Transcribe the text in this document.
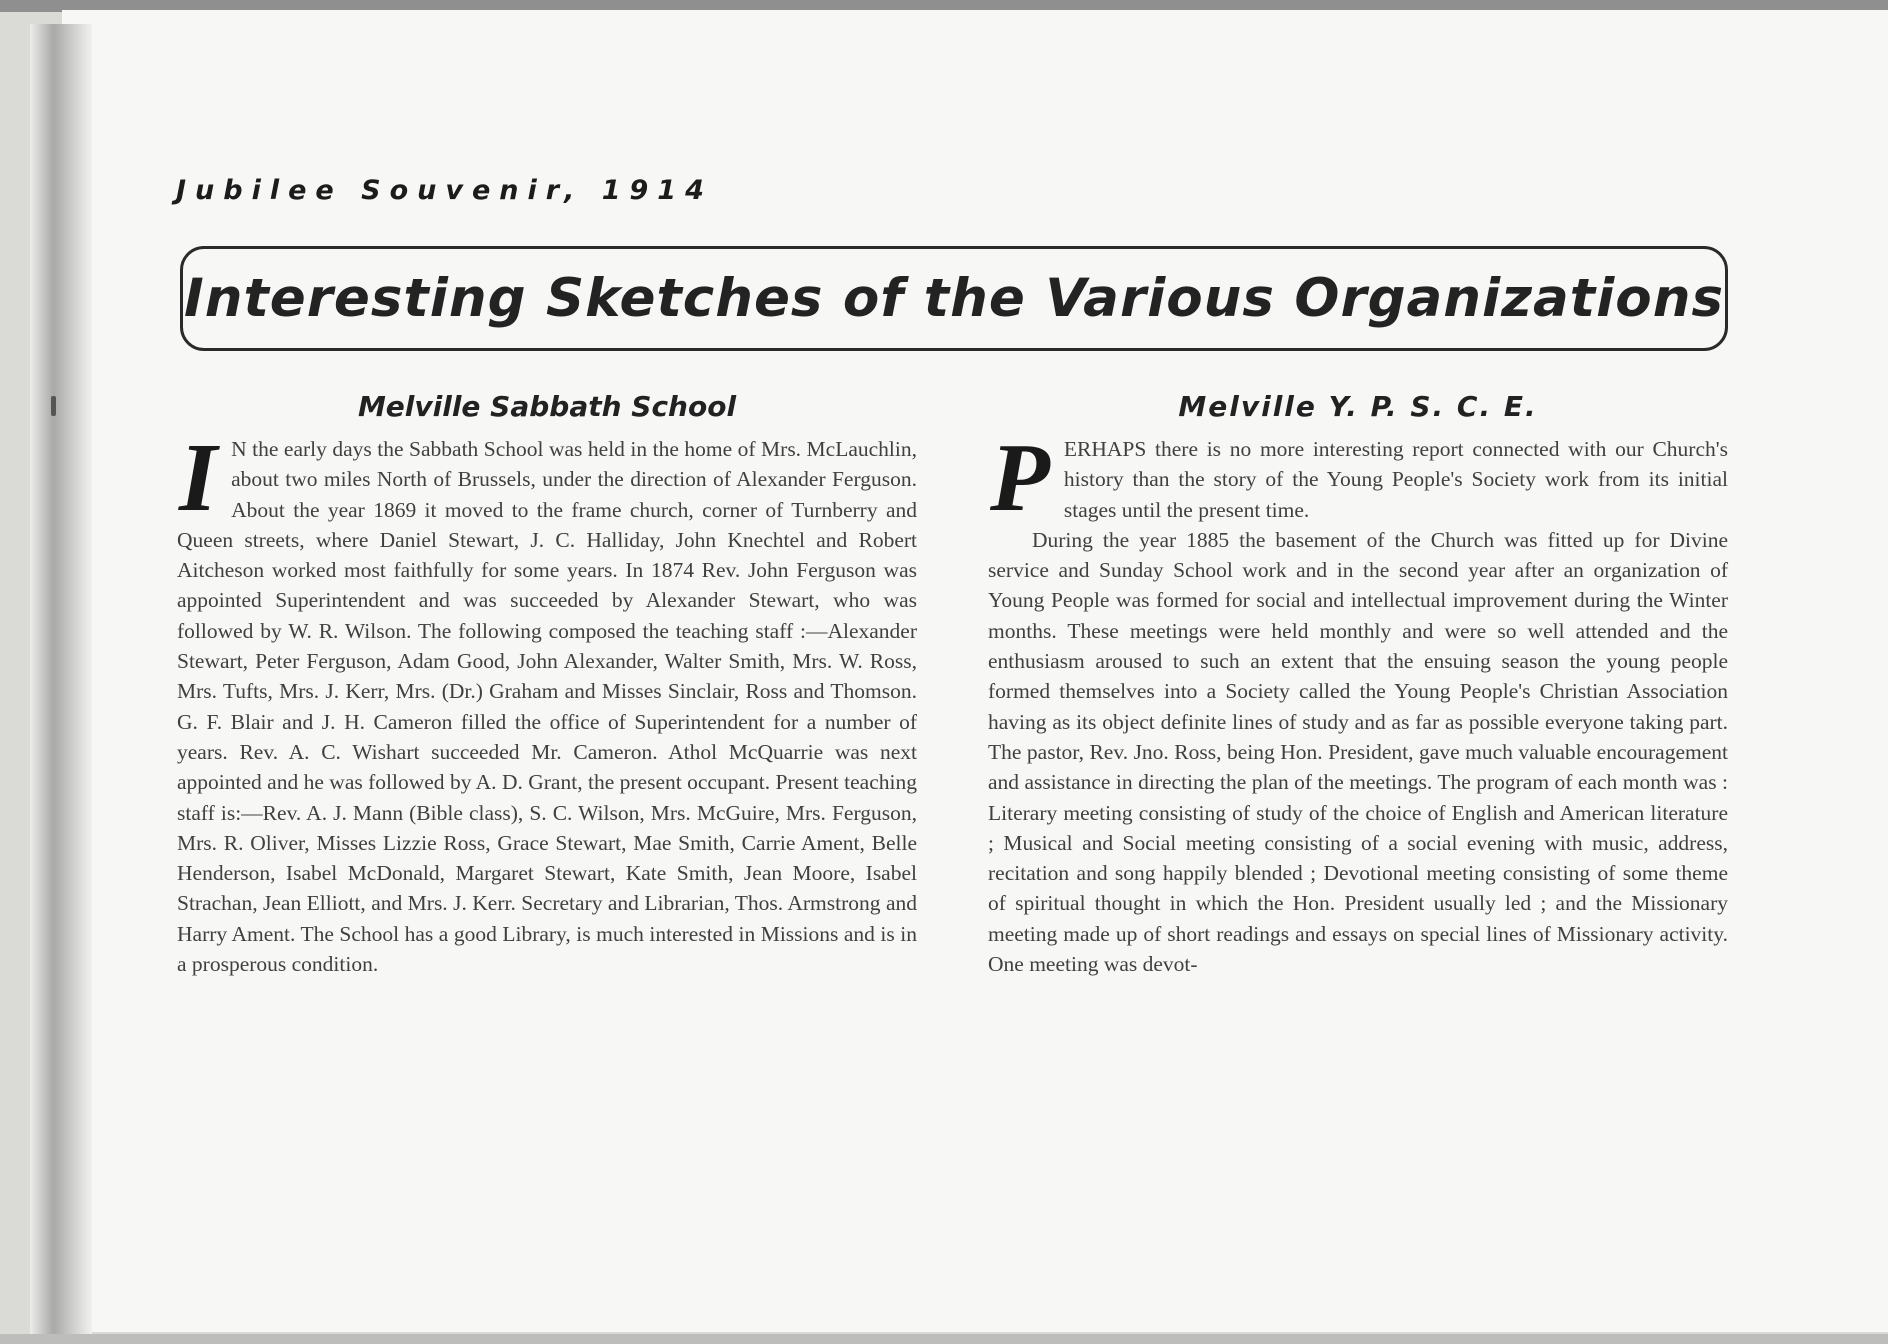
Jubilee Souvenir, 1914
Interesting Sketches of the Various Organizations
Melville Sabbath School

I N the early days the Sabbath School was held in the home of Mrs. McLauchlin, about two miles North of Brussels, under the direction of Alexander Ferguson. About the year 1869 it moved to the frame church, corner of Turnberry and Queen streets, where Daniel Stewart, J. C. Halliday, John Knechtel and Robert Aitcheson worked most faithfully for some years. In 1874 Rev. John Ferguson was appointed Superintendent and was succeeded by Alexander Stewart, who was followed by W. R. Wilson. The following composed the teaching staff :—Alexander Stewart, Peter Ferguson, Adam Good, John Alexander, Walter Smith, Mrs. W. Ross, Mrs. Tufts, Mrs. J. Kerr, Mrs. (Dr.) Graham and Misses Sinclair, Ross and Thomson. G. F. Blair and J. H. Cameron filled the office of Superintendent for a number of years. Rev. A. C. Wishart succeeded Mr. Cameron. Athol McQuarrie was next appointed and he was followed by A. D. Grant, the present occupant. Present teaching staff is:—Rev. A. J. Mann (Bible class), S. C. Wilson, Mrs. McGuire, Mrs. Ferguson, Mrs. R. Oliver, Misses Lizzie Ross, Grace Stewart, Mae Smith, Carrie Ament, Belle Henderson, Isabel McDonald, Margaret Stewart, Kate Smith, Jean Moore, Isabel Strachan, Jean Elliott, and Mrs. J. Kerr. Secretary and Librarian, Thos. Armstrong and Harry Ament. The School has a good Library, is much interested in Missions and is in a prosperous condition.

Melville Y. P. S. C. E.

PERHAPS there is no more interesting report connected with our Church's history than the story of the Young People's Society work from its initial stages until the present time.

During the year 1885 the basement of the Church was fitted up for Divine service and Sunday School work and in the second year after an organization of Young People was formed for social and intellectual improvement during the Winter months. These meetings were held monthly and were so well attended and the enthusiasm aroused to such an extent that the ensuing season the young people formed themselves into a Society called the Young People's Christian Association having as its object definite lines of study and as far as possible everyone taking part. The pastor, Rev. Jno. Ross, being Hon. President, gave much valuable encouragement and assistance in directing the plan of the meetings. The program of each month was : Literary meeting consisting of study of the choice of English and American literature ; Musical and Social meeting consisting of a social evening with music, address, recitation and song happily blended ; Devotional meeting consisting of some theme of spiritual thought in which the Hon. President usually led ; and the Missionary meeting made up of short readings and essays on special lines of Missionary activity. One meeting was devot-
